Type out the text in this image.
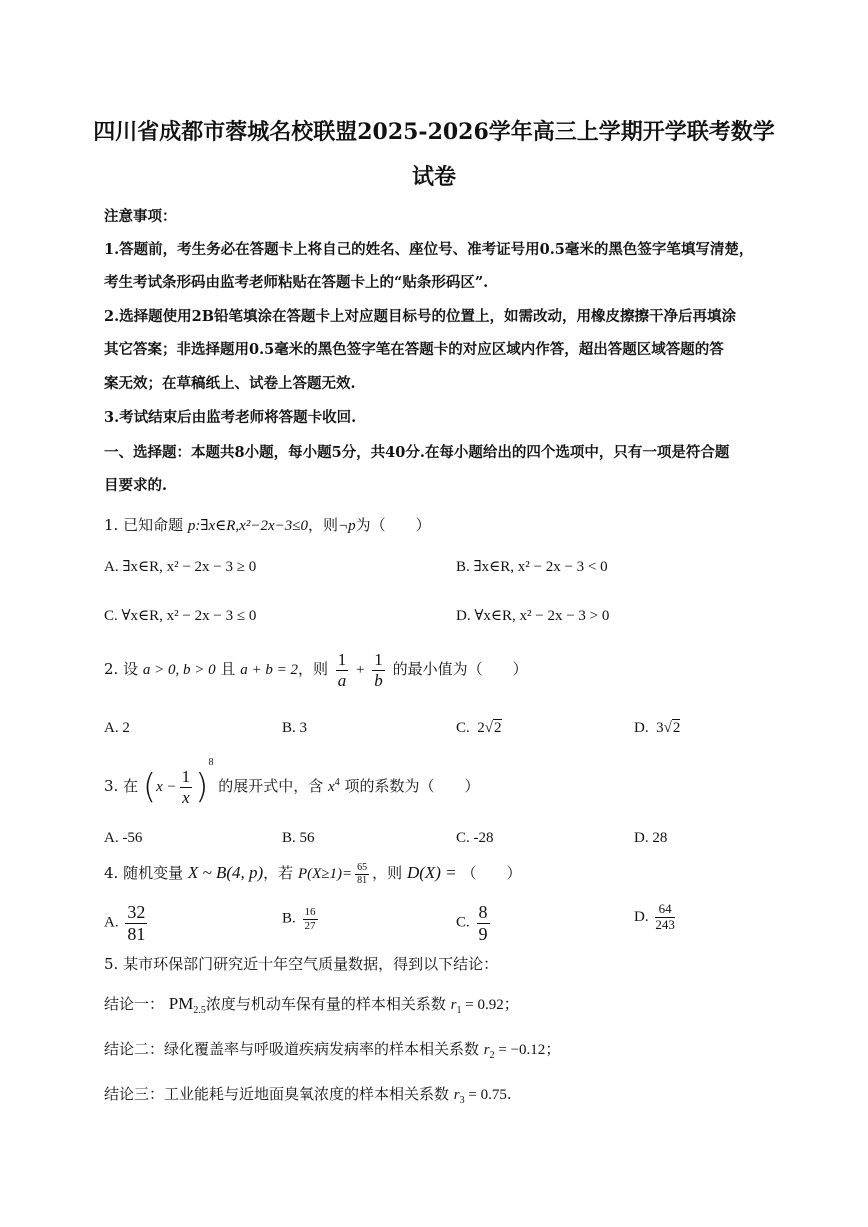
四川省成都市蓉城名校联盟2025-2026学年高三上学期开学联考数学
试卷
注意事项：
1.答题前，考生务必在答题卡上将自己的姓名、座位号、准考证号用0.5毫米的黑色签字笔填写清楚，
考生考试条形码由监考老师粘贴在答题卡上的“贴条形码区”.
2.选择题使用2B铅笔填涂在答题卡上对应题目标号的位置上，如需改动，用橡皮擦擦干净后再填涂
其它答案；非选择题用0.5毫米的黑色签字笔在答题卡的对应区域内作答，超出答题区域答题的答
案无效；在草稿纸上、试卷上答题无效.
3.考试结束后由监考老师将答题卡收回.
一、选择题：本题共8小题，每小题5分，共40分.在每小题给出的四个选项中，只有一项是符合题
目要求的.
1. 已知命题 p:∃x∈R,x²−2x−3≤0，则¬p为（　　）
A. ∃x∈R, x² − 2x − 3 ≥ 0	B. ∃x∈R, x² − 2x − 3 < 0
C. ∀x∈R, x² − 2x − 3 ≤ 0	D. ∀x∈R, x² − 2x − 3 > 0
2. 设 a > 0, b > 0 且 a + b = 2，则 $\frac{1}{a} + \frac{1}{b}$ 的最小值为（　　）
A. 2	B. 3	C. 2√2	D. 3√2
3. 在 $(x - \frac{1}{x} )^8$ 的展开式中，含 $x^4$ 项的系数为（　　）
A. -56	B. 56	C. -28	D. 28
4. 随机变量 X ~ B(4, p)，若 $P(X\ge 1)= \frac{65}{81}$ ，则 D(X) = （　　）
A. $\frac{32}{81}$	B. $\frac{16}{27}$	C. $\frac{8}{9}$	D. $\frac{64}{243}$
5. 某市环保部门研究近十年空气质量数据，得到以下结论：
结论一： $PM_{2.5}$浓度与机动车保有量的样本相关系数 $r_1 = 0.92$；
结论二：绿化覆盖率与呼吸道疾病发病率的样本相关系数 $r_2 = -0.12$；
结论三：工业能耗与近地面臭氧浓度的样本相关系数 $r_3 = 0.75$.
